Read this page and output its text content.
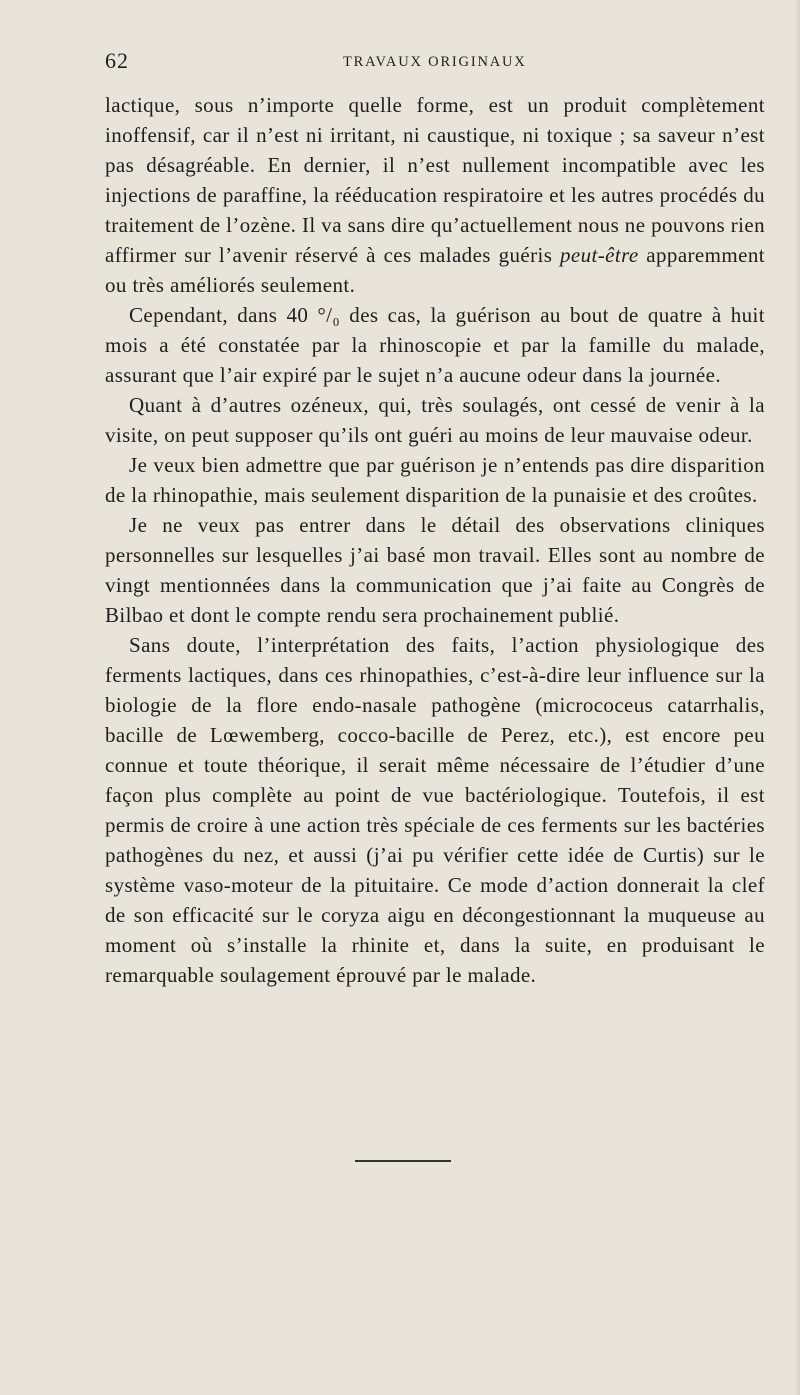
62	TRAVAUX ORIGINAUX

lactique, sous n’importe quelle forme, est un produit complètement inoffensif, car il n’est ni irritant, ni caustique, ni toxique ; sa saveur n’est pas désagréable. En dernier, il n’est nullement incompatible avec les injections de paraffine, la rééducation respiratoire et les autres procédés du traitement de l’ozène. Il va sans dire qu’actuellement nous ne pouvons rien affirmer sur l’avenir réservé à ces malades guéris peut-être apparemment ou très améliorés seulement.

Cependant, dans 40 °/₀ des cas, la guérison au bout de quatre à huit mois a été constatée par la rhinoscopie et par la famille du malade, assurant que l’air expiré par le sujet n’a aucune odeur dans la journée.

Quant à d’autres ozéneux, qui, très soulagés, ont cessé de venir à la visite, on peut supposer qu’ils ont guéri au moins de leur mauvaise odeur.

Je veux bien admettre que par guérison je n’entends pas dire disparition de la rhinopathie, mais seulement disparition de la punaisie et des croûtes.

Je ne veux pas entrer dans le détail des observations cliniques personnelles sur lesquelles j’ai basé mon travail. Elles sont au nombre de vingt mentionnées dans la communication que j’ai faite au Congrès de Bilbao et dont le compte rendu sera prochainement publié.

Sans doute, l’interprétation des faits, l’action physiologique des ferments lactiques, dans ces rhinopathies, c’est-à-dire leur influence sur la biologie de la flore endo-nasale pathogène (micrococeus catarrhalis, bacille de Lœwemberg, cocco-bacille de Perez, etc.), est encore peu connue et toute théorique, il serait même nécessaire de l’étudier d’une façon plus complète au point de vue bactériologique. Toutefois, il est permis de croire à une action très spéciale de ces ferments sur les bactéries pathogènes du nez, et aussi (j’ai pu vérifier cette idée de Curtis) sur le système vaso-moteur de la pituitaire. Ce mode d’action donnerait la clef de son efficacité sur le coryza aigu en décongestionnant la muqueuse au moment où s’installe la rhinite et, dans la suite, en produisant le remarquable soulagement éprouvé par le malade.
